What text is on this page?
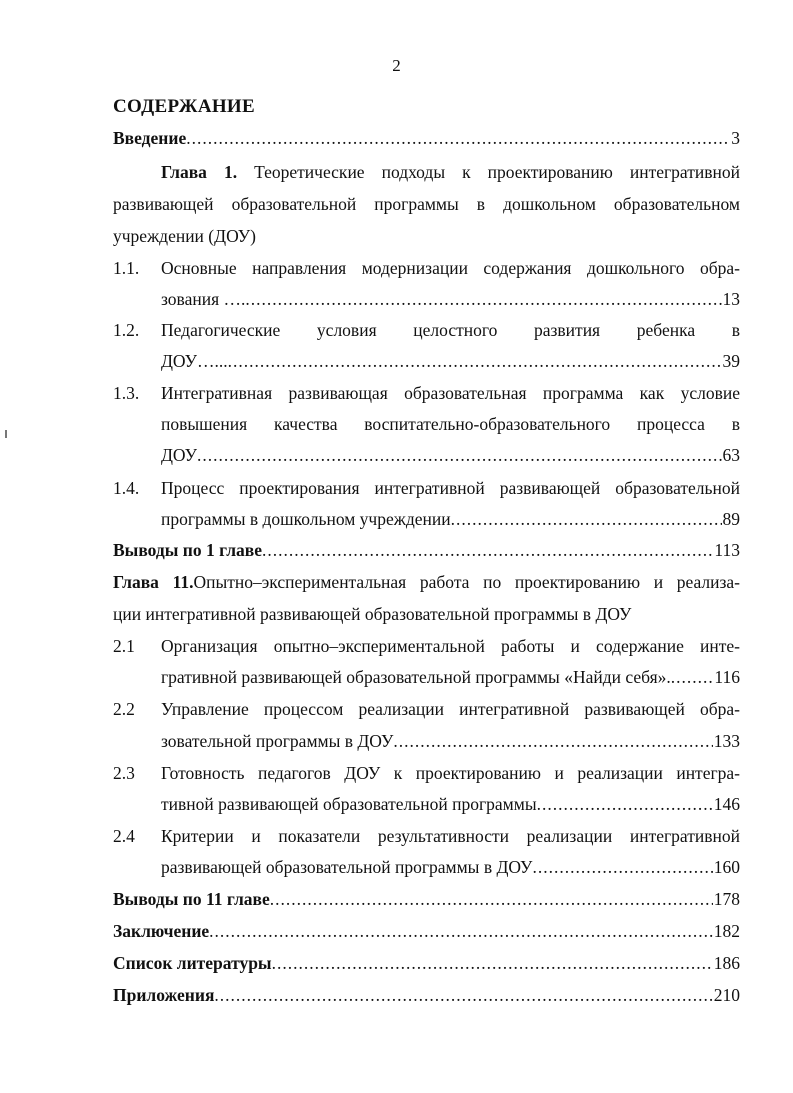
2
СОДЕРЖАНИЕ
Введение .....	3
Глава 1. Теоретические подходы к проектированию интегративной
развивающей образовательной программы в дошкольном образовательном
учреждении (ДОУ)
1.1. Основные направления модернизации содержания дошкольного обра-
зования …. .....	13
1.2. Педагогические условия целостного развития ребенка в
ДОУ…... .....	39
1.3. Интегративная развивающая образовательная программа как условие
повышения качества воспитательно-образовательного процесса в
ДОУ .....	63
1.4. Процесс проектирования интегративной развивающей образовательной
программы в дошкольном учреждении .....	89
Выводы по 1 главе .....	113
Глава 11.Опытно–экспериментальная работа по проектированию и реализа-
ции интегративной развивающей образовательной программы в ДОУ
2.1 Организация опытно–экспериментальной работы и содержание инте-
гративной развивающей образовательной программы «Найди себя». ..... 116
2.2 Управление процессом реализации интегративной развивающей обра-
зовательной программы в ДОУ .....	133
2.3 Готовность педагогов ДОУ к проектированию и реализации интегра-
тивной развивающей образовательной программы .....	146
2.4 Критерии и показатели результативности реализации интегративной
развивающей образовательной программы в ДОУ .....	160
Выводы по 11 главе .....	178
Заключение .....	182
Список литературы .....	186
Приложения .....	210
